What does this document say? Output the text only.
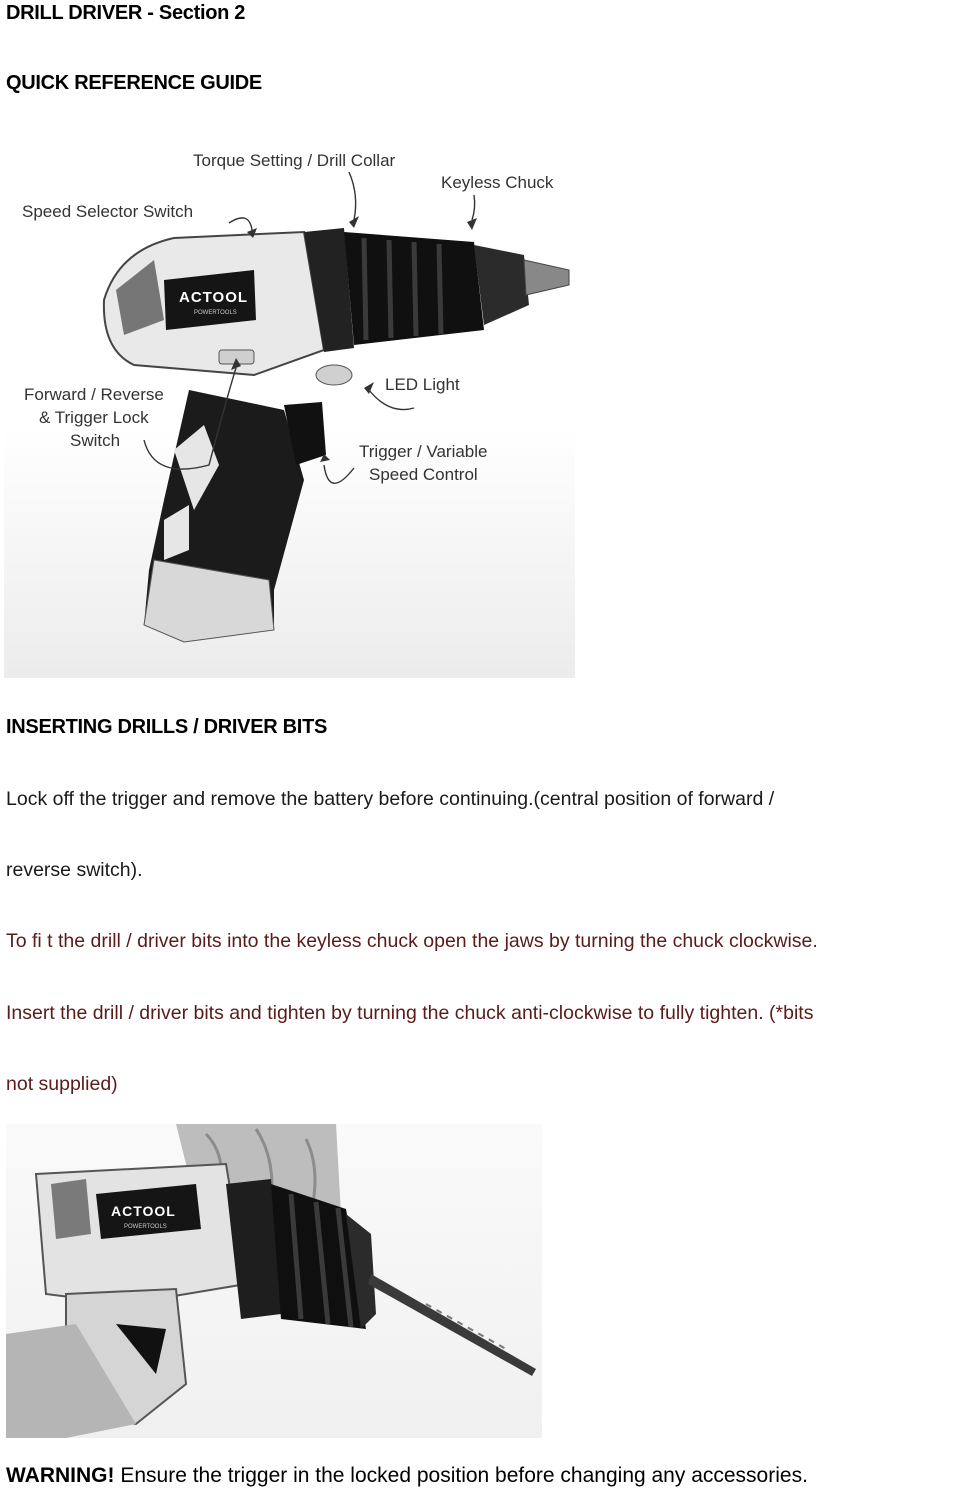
DRILL DRIVER - Section 2
QUICK REFERENCE GUIDE
ACTOOL
POWERTOOLS
Torque Setting / Drill Collar
Keyless Chuck
Speed Selector Switch
Forward / Reverse
& Trigger Lock
Switch
LED Light
Trigger / Variable
Speed Control
INSERTING DRILLS / DRIVER BITS

Lock off the trigger and remove the battery before continuing.(central position of forward /

reverse switch).

To fi t the drill / driver bits into the keyless chuck open the jaws by turning the chuck clockwise.

Insert the drill / driver bits and tighten by turning the chuck anti-clockwise to fully tighten. (*bits

not supplied)

ACTOOL
POWERTOOLS

WARNING! Ensure the trigger in the locked position before changing any accessories.
